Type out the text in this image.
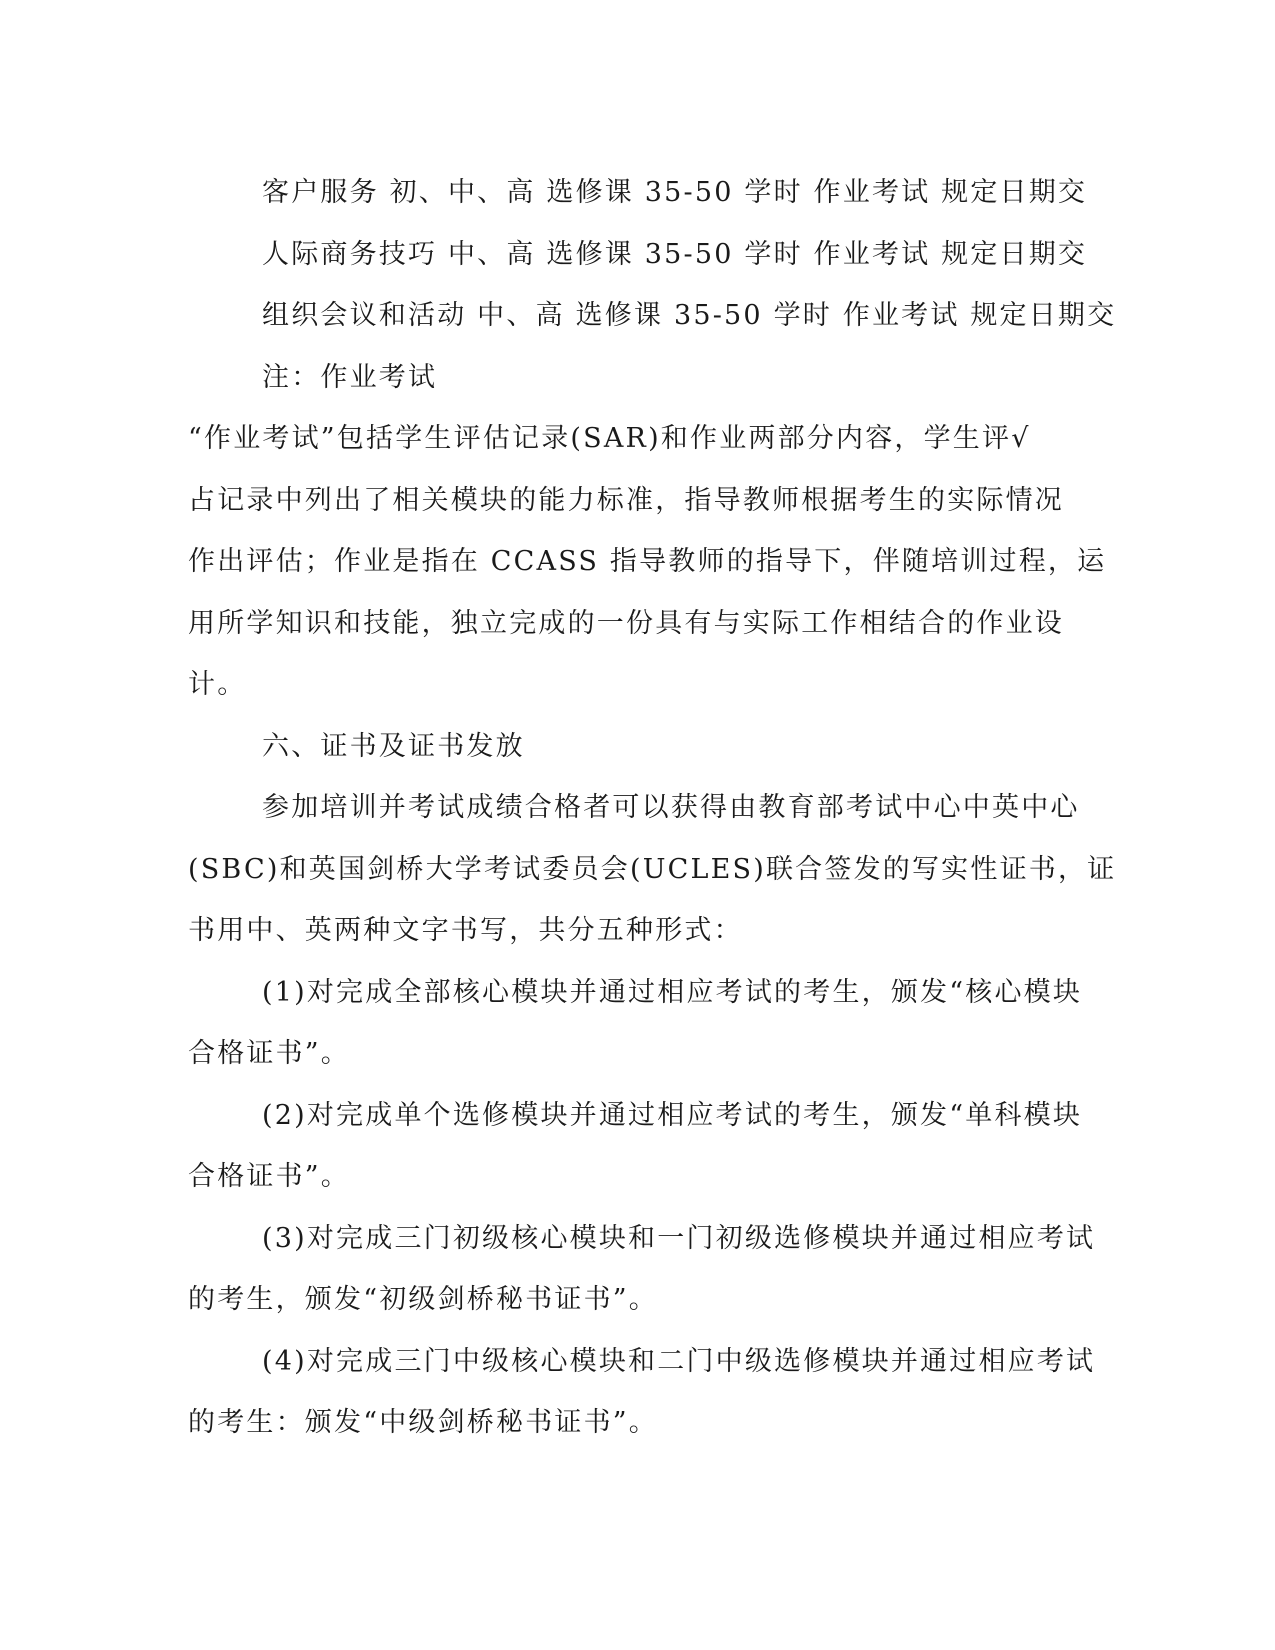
客户服务 初、中、高 选修课 35-50 学时 作业考试 规定日期交
人际商务技巧 中、高 选修课 35-50 学时 作业考试 规定日期交
组织会议和活动 中、高 选修课 35-50 学时 作业考试 规定日期交
注：作业考试
“作业考试”包括学生评估记录(SAR)和作业两部分内容，学生评√
占记录中列出了相关模块的能力标准，指导教师根据考生的实际情况
作出评估；作业是指在 CCASS 指导教师的指导下，伴随培训过程，运
用所学知识和技能，独立完成的一份具有与实际工作相结合的作业设
计。
六、证书及证书发放
参加培训并考试成绩合格者可以获得由教育部考试中心中英中心
(SBC)和英国剑桥大学考试委员会(UCLES)联合签发的写实性证书，证
书用中、英两种文字书写，共分五种形式：
(1)对完成全部核心模块并通过相应考试的考生，颁发“核心模块
合格证书”。
(2)对完成单个选修模块并通过相应考试的考生，颁发“单科模块
合格证书”。
(3)对完成三门初级核心模块和一门初级选修模块并通过相应考试
的考生，颁发“初级剑桥秘书证书”。
(4)对完成三门中级核心模块和二门中级选修模块并通过相应考试
的考生：颁发“中级剑桥秘书证书”。
